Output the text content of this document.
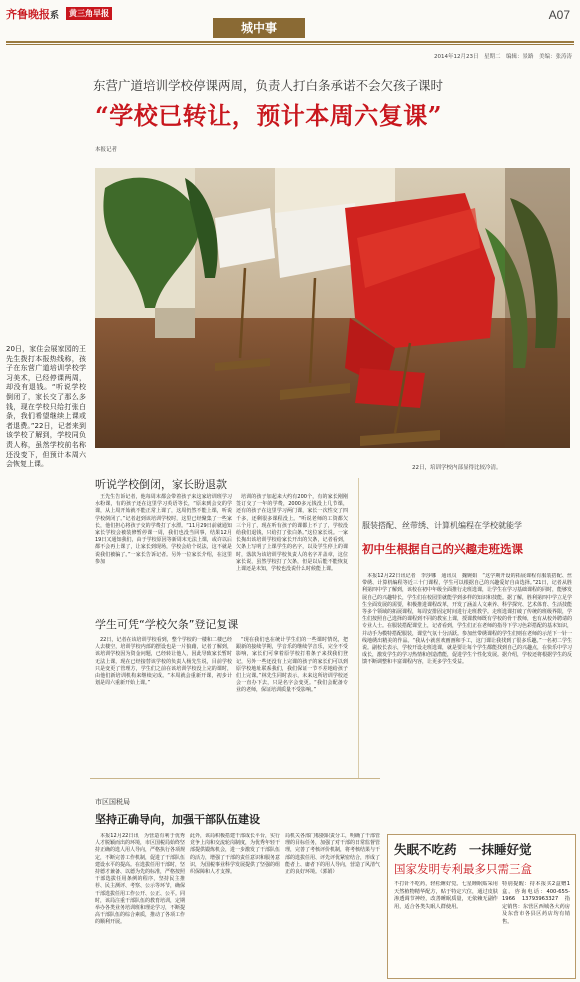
齐鲁晚报系	黄三角早报
城中事
A07
2014年12月23日　星期二　编辑：景路　美编：张涛涛
东营广道培训学校停课两周，负责人打白条承诺不会欠孩子课时
“学校已转让，预计本周六复课”
本报记者
22日，培训学校内部显得比较冷清。
20日，家住会展家园的王先生拨打本报热线称，孩子在东营广道培训学校学习美术，已经停课两周，却没有退钱。“听说学校倒闭了，家长交了那么多钱，现在学校只给打张白条，我们希望继续上课或者退费。”22日，记者来到该学校了解到，学校同负责人称，虽然学校前名称还没变下，但预计本周六会恢复上课。
听说学校倒闭，家长盼退款
王先生告诉记者，他每周末都会带着孩子来这家培训班学习水粉课，有的孩子还在这里学习英语等长，“原来到会交的学课，从上周开始就不能正常上课了，这周仍然不能上课，听说学校倒闭了。”记者赶到该培训学校时，这里已经聚集了一些家长，他们担心将孩子交的学费打了水漂。“11月29日前就通知家长学校会被装修暂停课一周，我们也没当回事，结果12月19日又通知我们，由于学校原因等新周末无法上课，或许以后都不会再上课了，让家长到现场，学校会给个说法，这不就是说我们被骗了。”一家长告诉记者。另外一位家长介绍，在这里参加
培训的孩子加起来大约有200个，有的家长刚刚签订交了一年的学费，2000多元钱没上几节课，还有的孩子在这里学习两门课，家长一次性交了四千多，还剩很多课程没上。“听说老师的工资都欠三个月了，现在听有孩子的课都上不了了，学校没给我们退钱，只给打了张白条。”这位家长说。一家长掏出该培训学校给家长开出的欠条，记者看到，欠条上写明了上课学生的名字，以及学生停上的课时，落款为该培训学校负责人的名字并盖章，这位家长说，虽然学校打了欠条，但是以后能不能恢复上课还是未知，学校也没说什么时候能上课。
学生可凭“学校欠条”登记复课
22日，记者在该培训学校看到，整个学校的一楼和二楼已经人去楼空，培训学校内部的摆设也是一片狼藉，记者了解到，该培训学校因为资金问题，已经转让他人，因此导致家长暂时无法上课，现在已经接替该学校的负责人杨先生说，目前学校只是变更了管理方，学生们之前在该培训学校没上完的课时，由他们新培训机构来继续完成。“本周就会重新开课，初步计划是周六重新开始上课。”
“现在我们也在统计学生们的一些课时情况，把跟新的接续学期，学音乐的继续学音乐，完全不受影响，家长们可拿着原学校打着条子来找我们登记，另外一些还没有上完课的孩子的家长们可以到原学校地址联系我们，我们保证一节不差地给孩子们上完课。”林先生同时表示，未来这所培训学校还会一直办下去，只是名字会变更。“我们会配备专业的老师，保证培训质量不受影响。”
市区国税局
坚持正确导向，加强干部队伍建设
本报12月22日讯　为营造有利于优秀人才脱颖而出的环境，市区国税局始终坚持正确的选人用人导向，严格执行各项规定，不断完善工作机制，促进了干部队伍建设水平的提高。在选拔任用干部时，坚持德才兼备、以德为先的标准，严格按照干部选拔任用条例的程序，坚持民主推荐、民主测评、考察、公示等环节，确保干部选拔任用工作公开、公正、公平。同时，该局注重干部队伍的教育培训，定期举办各类业务培训班和理论学习，不断提高干部队伍的综合素质，推动了各项工作的顺利开展。
此外，该局积极搭建干部成长平台，实行竞争上岗和交流轮岗制度，为优秀年轻干部提供锻炼机会，进一步激发了干部队伍的活力，增强了干部的责任意识和服务意识，为国税事业科学发展提供了坚强的组织保障和人才支撑。
局机关各部门根据职责分工，明确了干部管理的目标任务，加强了对干部的日常监督管理，完善了考核评价机制，将考核结果与干部的选拔任用、评先评优紧密结合，形成了能者上、庸者下的用人导向，营造了风清气正的良好环境。（郭娟）
服装搭配、丝带绣、计算机编程在学校就能学
初中生根据自己的兴趣走班选课
本报12月22日讯记者　李莎娜　通讯员　魏婉娟　“这学期开设的拓展课程有服装搭配、丝带绣、计算机编程等近三十门课程，学生可以根据自己的兴趣爱好自由选择。”21日，记者从胜利第四中学了解到，该校在初中年级全面推行走班选课，让学生在学习基础课程的同时，能够发展自己的兴趣特长，学生们在校园里就能学到多样的知识和技能。据了解，胜利第四中学立足学生全面发展的需要，积极推进课程改革，开发了涵盖人文素养、科学探究、艺术体育、生活技能等多个领域的拓展课程，每周安排固定时间进行走班教学。走班选课打破了传统的班级界限，学生们按照自己选择的课程到不同的教室上课，授课教师既有学校的骨干教师，也有从校外聘请的专业人士。在服装搭配课堂上，记者看到，学生们正在老师的指导下学习色彩搭配的基本知识，并动手为模特搭配服装，课堂气氛十分活跃。参加丝带绣课程的学生们则在老师的示范下一针一线地绣出精美的作品。“我从小就喜欢画画和手工，这门课让我找到了很多乐趣。”一名初二学生说。副校长表示，学校开设走班选课，就是要让每个学生都能找到自己的兴趣点，在快乐中学习成长，激发学生的学习热情和创造潜能，促进学生个性化发展。据介绍，学校还将根据学生的反馈不断调整和丰富课程内容，让更多学生受益。
失眠不吃药　一抹睡好觉
国家发明专利最多只需三盒
不打针不吃药，轻松睡好觉。七星睡眠贴采用天然植物精华配方，贴于特定穴位，通过皮肤渗透调节神经，改善睡眠质量，无依赖无副作用，适合各类失眠人群使用。
特别提醒：持本报买2盒赠1盒。咨询电话：400-655-1966　13793963327　指定销售：东营区西城各大药房及东营市各县区药店均有销售。
